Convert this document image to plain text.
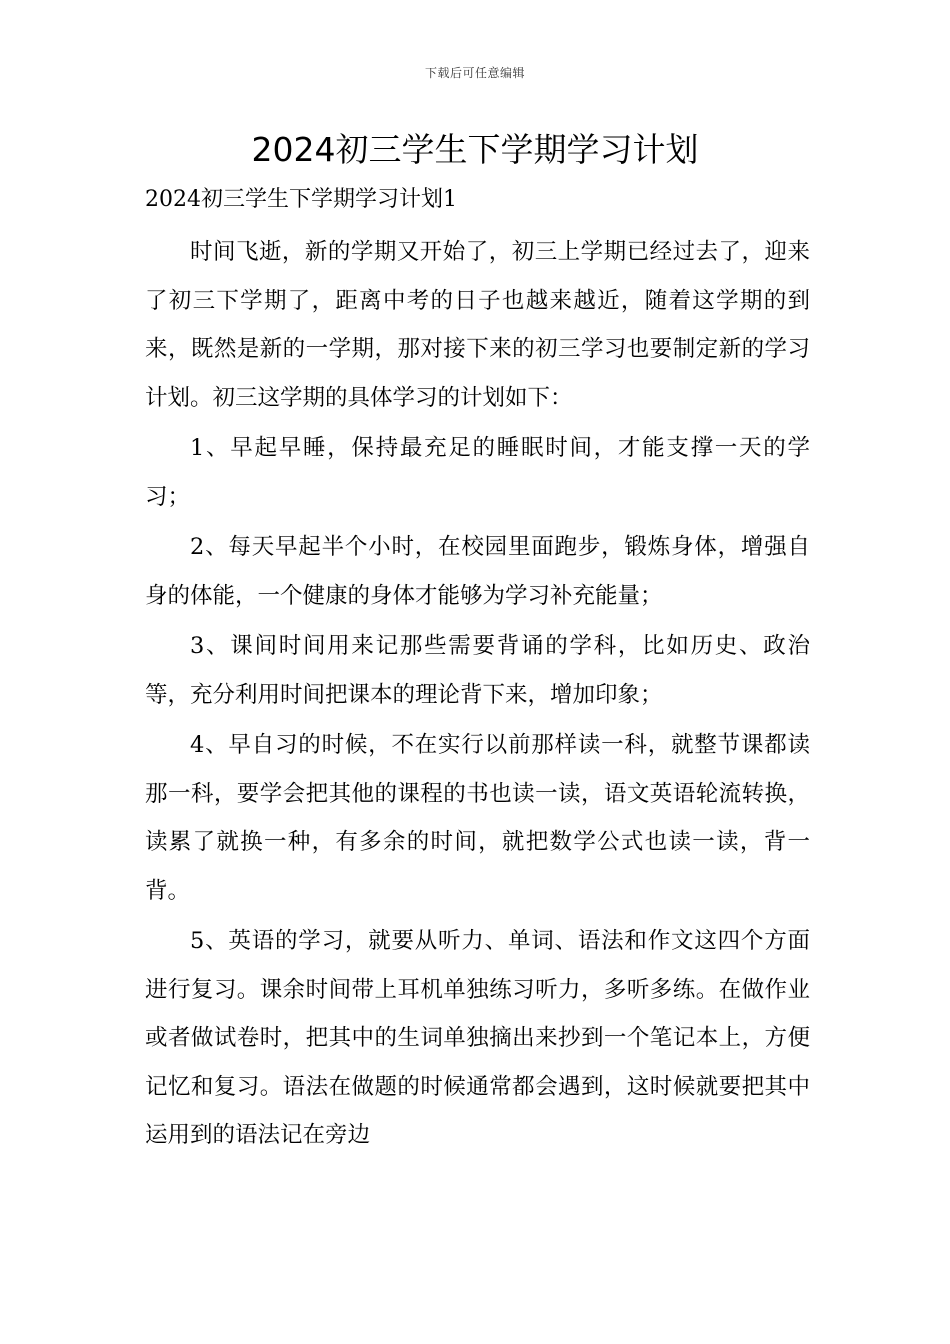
下载后可任意编辑
2024初三学生下学期学习计划
2024初三学生下学期学习计划1

时间飞逝，新的学期又开始了，初三上学期已经过去了，迎来了初三下学期了，距离中考的日子也越来越近，随着这学期的到来，既然是新的一学期，那对接下来的初三学习也要制定新的学习计划。初三这学期的具体学习的计划如下：

1、早起早睡，保持最充足的睡眠时间，才能支撑一天的学习；

2、每天早起半个小时，在校园里面跑步，锻炼身体，增强自身的体能，一个健康的身体才能够为学习补充能量；

3、课间时间用来记那些需要背诵的学科，比如历史、政治等，充分利用时间把课本的理论背下来，增加印象；

4、早自习的时候，不在实行以前那样读一科，就整节课都读那一科，要学会把其他的课程的书也读一读，语文英语轮流转换，读累了就换一种，有多余的时间，就把数学公式也读一读，背一背。

5、英语的学习，就要从听力、单词、语法和作文这四个方面进行复习。课余时间带上耳机单独练习听力，多听多练。在做作业或者做试卷时，把其中的生词单独摘出来抄到一个笔记本上，方便记忆和复习。语法在做题的时候通常都会遇到，这时候就要把其中运用到的语法记在旁边
